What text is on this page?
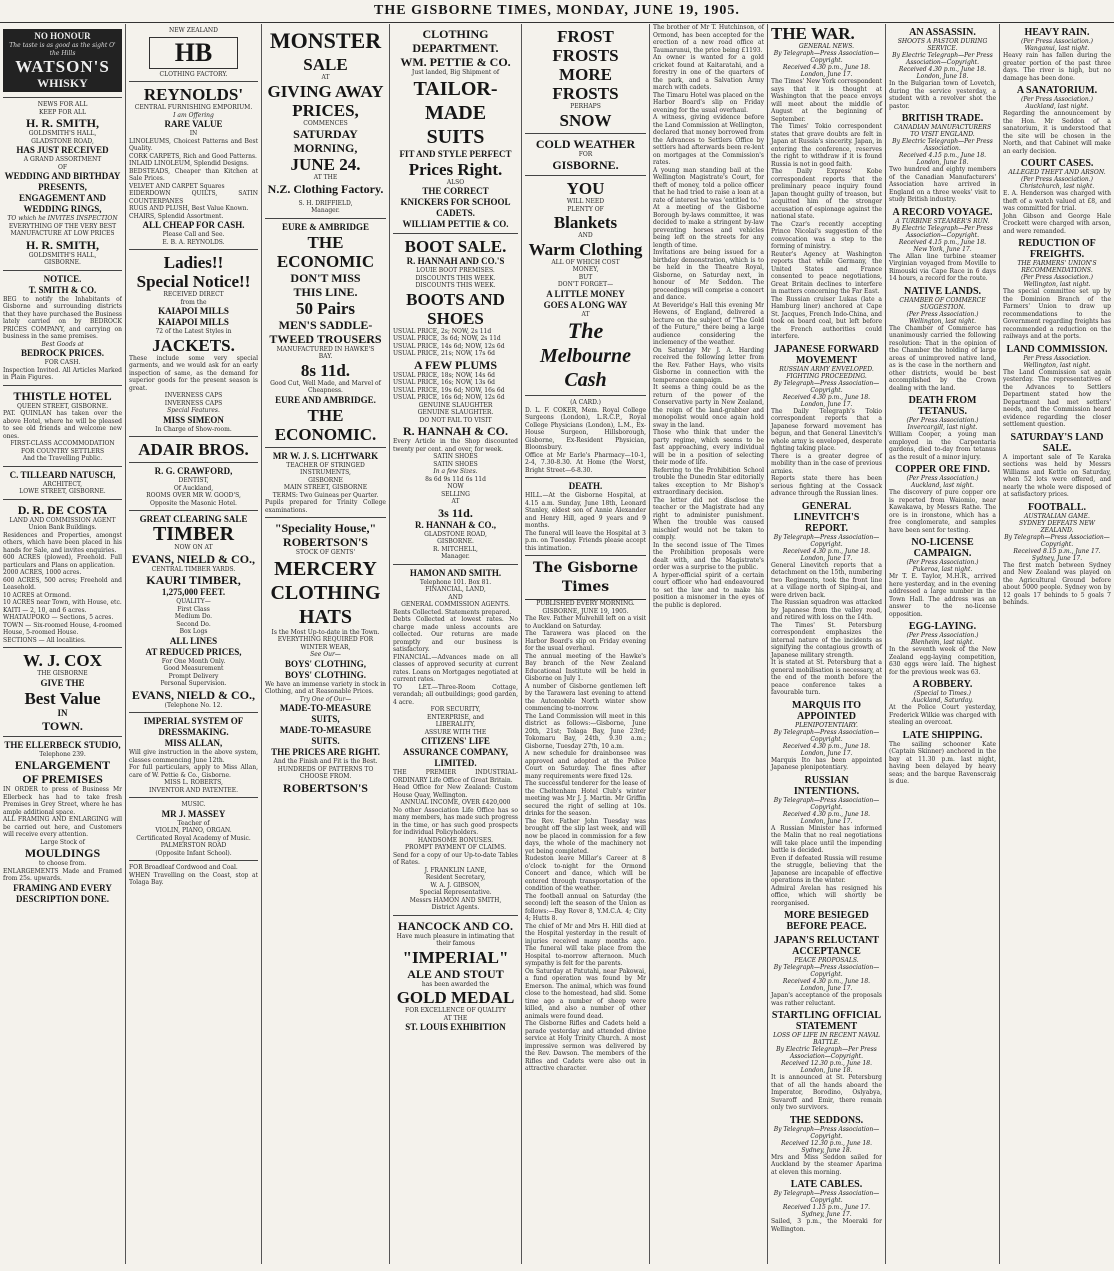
THE GISBORNE TIMES, MONDAY, JUNE 19, 1905.
NO HONOUR
The taste is as good as the sight O' the Hills
WATSON'S
WHISKY
NEWS FOR ALL
KEEP FOR ALL
H. R. SMITH,
GOLDSMITH'S HALL,
GLADSTONE ROAD,
HAS JUST RECEIVED
A GRAND ASSORTMENT
OF
WEDDING AND BIRTHDAY PRESENTS,
ENGAGEMENT AND WEDDING RINGS,
TO which he INVITES INSPECTION
EVERYTHING OF THE VERY BEST MANUFACTURE AT LOW PRICES
H. R. SMITH,
GOLDSMITH'S HALL,
GISBORNE.
NOTICE.
T. SMITH & CO.
BEG to notify the Inhabitants of Gisborne and surrounding districts that they have purchased the Business lately carried on by BEDROCK PRICES COMPANY, and carrying on business in the same premises.
Best Goods at
BEDROCK PRICES.
FOR CASH.
Inspection Invited. All Articles Marked in Plain Figures.
THISTLE HOTEL
QUEEN STREET, GISBORNE.
PAT. QUINLAN has taken over the above Hotel, where he will be pleased to see old friends and welcome new ones.
FIRST-CLASS ACCOMMODATION FOR COUNTRY SETTLERS
And the Travelling Public.
C. TILLEARD NATUSCH,
ARCHITECT,
LOWE STREET, GISBORNE.
D. R. DE COSTA
LAND AND COMMISSION AGENT
Union Bank Buildings.
Residences and Properties, amongst others, which have been placed in his hands for Sale, and invites enquiries.
600 ACRES (plowed), Freehold. Full particulars and Plans on application.
2000 ACRES, 1000 acres.
600 ACRES, 500 acres; Freehold and Leasehold.
10 ACRES at Ormond.
10 ACRES near Town, with House, etc.
KAITI — 2, 10, and 6 acres.
WHATAUPOKO — Sections, 5 acres.
TOWN — Six-roomed House, 4-roomed House, 5-roomed House.
SECTIONS — All localities.
W. J. COX
THE GISBORNE
GIVE THE
Best Value
IN
TOWN.
THE ELLERBECK STUDIO,
Telephone 239.
ENLARGEMENT
OF PREMISES
IN ORDER to press of Business Mr Ellerbeck has had to take fresh Premises in Grey Street, where he has ample additional space.
ALL FRAMING AND ENLARGING will be carried out here, and Customers will receive every attention.
Large Stock of
MOULDINGS
to choose from.
ENLARGEMENTS Made and Framed from 25s. upwards.
FRAMING AND EVERY DESCRIPTION DONE.
NEW ZEALAND
HB
CLOTHING FACTORY.
REYNOLDS'
CENTRAL FURNISHING EMPORIUM.
I am Offering
RARE VALUE
IN
LINOLEUMS, Choicest Patterns and Best Quality.
CORK CARPETS, Rich and Good Patterns.
INLAID LINOLEUM, Splendid Designs.
BEDSTEADS, Cheaper than Kitchen at Sale Prices.
VELVET AND CARPET Squares
EIDERDOWN QUILTS, SATIN COUNTERPANES
RUGS AND PLUSH, Best Value Known.
CHAIRS, Splendid Assortment.
ALL CHEAP FOR CASH.
Please Call and See.
E. B. A. REYNOLDS.
Ladies!!
Special Notice!!
RECEIVED DIRECT
from the
KAIAPOI MILLS
KAIAPOI MILLS
72 of the Latest Styles in
JACKETS.
These include some very special garments, and we would ask for an early inspection of same, as the demand for superior goods for the present season is great.
INVERNESS CAPS
INVERNESS CAPS
Special Features.
MISS SIMEON
In Charge of Show-room.
ADAIR BROS.
R. G. CRAWFORD,
DENTIST,
Of Auckland,
ROOMS OVER MR W. GOOD'S,
Opposite the Masonic Hotel.
GREAT CLEARING SALE
TIMBER
NOW ON AT
EVANS, NIELD & CO.,
CENTRAL TIMBER YARDS.
KAURI TIMBER,
1,275,000 FEET.
QUALITY—
First Class
Medium Do.
Second Do.
Box Logs
ALL LINES
AT REDUCED PRICES,
For One Month Only.
Good Measurement
Prompt Delivery
Personal Supervision.
EVANS, NIELD & CO.,
(Telephone No. 12.
IMPERIAL SYSTEM OF
DRESSMAKING.
MISS ALLAN,
Will give instruction in the above system, classes commencing June 12th.
For full particulars, apply to Miss Allan, care of W. Pettie & Co., Gisborne.
MISS L. ROBERTS,
INVENTOR AND PATENTEE.
MUSIC.
MR J. MASSEY
Teacher of
VIOLIN, PIANO, ORGAN.
Certificated Royal Academy of Music.
PALMERSTON ROAD
(Opposite Infant School).
FOR Broadleaf Cordwood and Coal.
WHEN Travelling on the Coast, stop at Tolaga Bay.
MONSTER
SALE
AT
GIVING AWAY
PRICES,
COMMENCES
SATURDAY MORNING,
JUNE 24.
AT THE
N.Z. Clothing Factory.
S. H. DRIFFIELD,
Manager.
EURE & AMBRIDGE
THE ECONOMIC
DON'T MISS
THIS LINE.
50 Pairs
MEN'S SADDLE-
TWEED TROUSERS
MANUFACTURED IN HAWKE'S
BAY.
8s 11d.
Good Cut, Well Made, and Marvel of Cheapness.
EURE AND AMBRIDGE.
THE ECONOMIC.
MR W. J. S. LICHTWARK
TEACHER OF STRINGED INSTRUMENTS,
GISBORNE
MAIN STREET, GISBORNE
TERMS: Two Guineas per Quarter.
Pupils prepared for Trinity College examinations.
"Speciality House,"
ROBERTSON'S
STOCK OF GENTS'
MERCERY
CLOTHING
HATS
Is the Most Up-to-date in the Town.
EVERYTHING REQUIRED FOR WINTER WEAR,
See Our—
BOYS' CLOTHING,
BOYS' CLOTHING.
We have an immense variety in stock in Clothing, and at Reasonable Prices.
Try One of Our—
MADE-TO-MEASURE SUITS,
MADE-TO-MEASURE SUITS.
THE PRICES ARE RIGHT.
And the Finish and Fit is the Best.
HUNDREDS OF PATTERNS TO CHOOSE FROM.
ROBERTSON'S
CLOTHING
DEPARTMENT.
WM. PETTIE & CO.
Just landed, Big Shipment of
TAILOR-
MADE
SUITS
FIT AND STYLE PERFECT
Prices Right.
ALSO
THE CORRECT
KNICKERS FOR SCHOOL
CADETS.
WILLIAM PETTIE & CO.
BOOT SALE.
R. HANNAH AND CO.'S
LOUIE BOOT PREMISES.
DISCOUNTS THIS WEEK.
DISCOUNTS THIS WEEK.
BOOTS AND
SHOES
USUAL PRICE, 2s; NOW, 2s 11d
USUAL PRICE, 3s 6d; NOW, 2s 11d
USUAL PRICE, 14s 6d; NOW, 12s 6d
USUAL PRICE, 21s; NOW, 17s 6d
A FEW PLUMS
USUAL PRICE, 18s; NOW, 14s 6d
USUAL PRICE, 16s; NOW, 13s 6d
USUAL PRICE, 19s 6d; NOW, 16s 6d
USUAL PRICE, 16s 6d; NOW, 12s 6d
GENUINE SLAUGHTER
GENUINE SLAUGHTER.
DO NOT FAIL TO VISIT
R. HANNAH & CO.
Every Article in the Shop discounted twenty per cent. and over, for week.
SATIN SHOES
SATIN SHOES
In a few Sizes.
8s 6d 9s 11d 6s 11d
NOW
SELLING
AT
3s 11d.
R. HANNAH & CO.,
GLADSTONE ROAD,
GISBORNE.
R. MITCHELL,
Manager.
HAMON AND SMITH.
Telephone 101. Box 81.
FINANCIAL, LAND,
AND
GENERAL COMMISSION AGENTS.
Rents Collected. Statements prepared.
Debts Collected at lowest rates. No charge made unless accounts are collected. Our returns are made promptly and our business is satisfactory.
FINANCIAL.—Advances made on all classes of approved security at current rates. Loans on Mortgages negotiated at current rates.
TO LET.—Three-Room Cottage, verandah; all outbuildings; good garden, 4 acre.
FOR SECURITY,
ENTERPRISE, and
LIBERALITY,
ASSURE WITH THE
CITIZENS' LIFE ASSURANCE COMPANY, LIMITED.
THE PREMIER INDUSTRIAL-ORDINARY Life Office of Great Britain.
Head Office for New Zealand: Custom House Quay, Wellington.
ANNUAL INCOME, OVER £420,000
No other Association Life Office has so many members, has made such progress in the time, or has such good prospects for individual Policyholders.
HANDSOME BONUSES.
PROMPT PAYMENT OF CLAIMS.
Send for a copy of our Up-to-date Tables of Rates.
J. FRANKLIN LANE,
Resident Secretary,
W. A. J. GIBSON,
Special Representative.
Messrs HAMON AND SMITH,
District Agents.
HANCOCK AND CO.
Have much pleasure in intimating that their famous
"IMPERIAL"
ALE AND STOUT
has been awarded the
GOLD MEDAL
FOR EXCELLENCE OF QUALITY
AT THE
ST. LOUIS EXHIBITION
FROST
FROSTS
MORE FROSTS
PERHAPS
SNOW
COLD WEATHER
FOR
GISBORNE.
YOU
WILL NEED
PLENTY OF
Blankets
AND
Warm Clothing
ALL OF WHICH COST
MONEY,
BUT
DON'T FORGET—
A LITTLE MONEY
GOES A LONG WAY
AT
The
Melbourne
Cash
(A CARD.)
D. L. F. COKER, Mem. Royal College Surgeons (London), L.R.C.P., Royal College Physicians (London), L.M., Ex-House Surgeon, Hillsborough, Gisborne, Ex-Resident Physician, Bloomsbury.
Office at Mr Earle's Pharmacy—10-1, 2-4, 7.30-8.30. At Home (the Worst, Bright Street—6-8.30.
DEATH.
HILL.—At the Gisborne Hospital, at 4.15 a.m. Sunday, June 18th, Leonard Stanley, eldest son of Annie Alexander and Henry Hill, aged 9 years and 9 months.
The funeral will leave the Hospital at 3 p.m. on Tuesday. Friends please accept this intimation.
The Gisborne Times
PUBLISHED EVERY MORNING.
GISBORNE, JUNE 19, 1905.
The Rev. Father Mulvehill left on a visit to Auckland on Saturday.
The Tarawera was placed on the Harbor Board's slip on Friday evening for the usual overhaul.
The annual meeting of the Hawke's Bay branch of the New Zealand Educational Institute will be held in Gisborne on July 1.
A number of Gisborne gentlemen left by the Tarawera last evening to attend the Automobile North winter show commencing to-morrow.
The Land Commission will meet in this district as follows:—Gisborne, June 20th, 21st; Tolaga Bay, June 23rd; Tokomaru Bay, 24th, 9.30 a.m.; Gisborne, Tuesday 27th, 10 a.m.
A new schedule for drainbonsee was approved and adopted at the Police Court on Saturday. The fines after many requirements were fixed 12s.
The successful tenderer for the lease of the Cheltenham Hotel Club's winter meeting was Mr J. J. Martin. Mr Griffin secured the right of selling at 10s. drinks for the season.
The Rev. Father John Tuesday was brought off the slip last week, and will now be placed in commission for a few days, the whole of the machinery not yet being completed.
Rudeston leave Millar's Career at 8 o'clock to-night for the Ormond Concert and dance, which will be entered through transportation of the condition of the weather.
The football annual on Saturday (the second) left the season of the Union as follows:—Bay Rover 8, Y.M.C.A. 4; City 4; Hutts 8.
The chief of Mr and Mrs H. Hill died at the Hospital yesterday in the result of injuries received many months ago. The funeral will take place from the Hospital to-morrow afternoon. Much sympathy is felt for the parents.
On Saturday at Patutahi, near Pakowai, a fund operation was found by Mr Emerson. The animal, which was found close to the homestead, had slid. Some time ago a number of sheep were killed, and also a number of other animals were found dead.
The Gisborne Rifles and Cadets held a parade yesterday and attended divine service at Holy Trinity Church. A most impressive sermon was delivered by the Rev. Dawson. The members of the Rifles and Cadets were also out in attractive character.
The brother of Mr T. Hutchinson, of Ormond, has been accepted for the erection of a new road office at Taumarunui, the price being £1193.
An owner is wanted for a gold cricket found at Kaitaratahi, and a forestry in one of the quarters of the park, and a Salvation Army march with cadets.
The Timaru Hotel was placed on the Harbor Board's slip on Friday evening for the usual overhaul.
A witness, giving evidence before the Land Commission at Wellington, declared that money borrowed from the Advances to Settlers Office by settlers had afterwards been re-lent on mortgages at the Commission's rates.
A young man standing bail at the Wellington Magistrate's Court, for theft of money, told a police officer that he had tried to raise a loan at a rate of interest he was 'entitled to.'
At a meeting of the Gisborne Borough by-laws committee, it was decided to make a stringent by-law preventing horses and vehicles being left on the streets for any length of time.
Invitations are being issued for a birthday demonstration, which is to be held in the Theatre Royal, Gisborne, on Saturday next, in honour of Mr Seddon. The proceedings will comprise a concert and dance.
At Beveridge's Hall this evening Mr Hewens, of England, delivered a lecture on the subject of "The Gold of the Future," there being a large audience considering the inclemency of the weather.
On Saturday Mr J. A. Harding received the following letter from the Rev. Father Hays, who visits Gisborne in connection with the temperance campaign.
It seems a thing could be as the return of the power of the Conservative party in New Zealand, the reign of the land-grabber and monopolist would once again hold sway in the land.
Those who think that under the party regime, which seems to be fast approaching, every individual will be in a position of selecting their mode of life.
Referring to the Prohibition School trouble the Dunedin Star editorially takes exception to Mr Bishop's extraordinary decision.
The letter did not disclose the teacher or the Magistrate had any right to administer punishment. When the trouble was caused mischief would not be taken to comply.
In the second issue of The Times the Prohibition proposals were dealt with, and the Magistrate's order was a surprise to the public.
A hyper-official spirit of a certain court officer who had endeavoured to set the law and to make his position a misnomer in the eyes of the public is deplored.
THE WAR.
GENERAL NEWS.
By Telegraph—Press Association—Copyright.
Received 4.30 p.m., June 18.
London, June 17.
The Times' New York correspondent says that it is thought at Washington that the peace envoys will meet about the middle of August at the beginning of September.
The Times' Tokio correspondent states that grave doubts are felt in Japan at Russia's sincerity. Japan, in entering the conference, reserves the right to withdraw if it is found Russia is not in good faith.
The Daily Express' Kobe correspondent reports that the preliminary peace inquiry found Japan thought guilty of treason, but acquitted him of the stronger accusation of espionage against the national state.
The Czar's recently accepting Prince Nicolai's suggestion of the convocation was a step to the forming of ministry.
Reuter's Agency at Washington reports that while Germany, the United States and France consented to peace negotiations, Great Britain declines to interfere in matters concerning the Far East.
The Russian cruiser Lukas (late a Hamburg liner) anchored at Cape St. Jacques, French Indo-China, and took on board coal, but left before the French authorities could interfere.
JAPANESE FORWARD MOVEMENT
RUSSIAN ARMY ENVELOPED.
FIGHTING PROCEEDING.
By Telegraph—Press Association—Copyright.
Received 4.30 p.m., June 18.
London, June 17.
The Daily Telegraph's Tokio correspondent reports that a Japanese forward movement has begun, and that General Linevitch's whole army is enveloped, desperate fighting taking place.
There is a greater degree of mobility than in the case of previous armies.
Reports state there has been serious fighting at the Cossack advance through the Russian lines.
GENERAL LINEVITCH'S REPORT.
By Telegraph—Press Association—Copyright.
Received 4.30 p.m., June 18.
London, June 17.
General Linevitch reports that a detachment on the 15th, numbering two Regiments, took the front line at a village north of Siping-ai, and were driven back.
The Russian squadron was attacked by Japanese from the valley road, and retired with loss on the 14th.
The Times' St. Petersburg correspondent emphasizes the internal nature of the incidents as signifying the contagious growth of Japanese military strength.
It is stated at St. Petersburg that a general mobilisation is necessary, at the end of the month before the peace conference takes a favourable turn.
MARQUIS ITO APPOINTED
PLENIPOTENTIARY.
By Telegraph—Press Association—Copyright.
Received 4.30 p.m., June 18.
London, June 17.
Marquis Ito has been appointed Japanese plenipotentiary.
RUSSIAN INTENTIONS.
By Telegraph—Press Association—Copyright.
Received 4.30 p.m., June 18.
London, June 17.
A Russian Minister has informed the Malin that no real negotiations will take place until the impending battle is decided.
Even if defeated Russia will resume the struggle, believing that the Japanese are incapable of effective operations in the winter.
Admiral Avelan has resigned his office, which will shortly be reorganised.
MORE BESIEGED BEFORE PEACE.
JAPAN'S RELUCTANT ACCEPTANCE
PEACE PROPOSALS.
By Telegraph—Press Association—Copyright.
Received 4.30 p.m., June 18.
London, June 17.
Japan's acceptance of the proposals was rather reluctant.
STARTLING OFFICIAL STATEMENT
LOSS OF LIFE IN RECENT NAVAL BATTLE.
By Electric Telegraph—Per Press Association—Copyright.
Received 12.30 p.m., June 18.
London, June 18.
It is announced at St. Petersburg that of all the hands aboard the Imperator, Borodino, Oslyabya, Suvaroff and Emir, there remain only two survivors.
THE SEDDONS.
By Telegraph—Press Association—Copyright.
Received 12.30 p.m., June 18.
Sydney, June 18.
Mrs and Miss Seddon sailed for Auckland by the steamer Aparima at eleven this morning.
LATE CABLES.
By Telegraph—Press Association—Copyright.
Received 1.15 p.m., June 17.
Sydney, June 17.
Sailed, 3 p.m., the Moeraki for Wellington.
AN ASSASSIN.
SHOOTS A PASTOR DURING SERVICE.
By Electric Telegraph—Per Press Association—Copyright.
Received 4.30 p.m., June 18.
London, June 18.
In the Bulgarian town of Lovetch, during the service yesterday, a student with a revolver shot the pastor.
BRITISH TRADE.
CANADIAN MANUFACTURERS TO VISIT ENGLAND.
By Electric Telegraph—Per Press Association.
Received 4.15 p.m., June 18.
London, June 18.
Two hundred and eighty members of the Canadian Manufacturers' Association have arrived in England on a three weeks' visit to study British industry.
A RECORD VOYAGE.
A TURBINE STEAMER'S RUN.
By Electric Telegraph—Per Press Association—Copyright.
Received 4.15 p.m., June 18.
New York, June 17.
The Allan line turbine steamer Virginian voyaged from Moville to Rimouski via Cape Race in 6 days 14 hours, a record for the route.
NATIVE LANDS.
CHAMBER OF COMMERCE SUGGESTION.
(Per Press Association.)
Wellington, last night.
The Chamber of Commerce has unanimously carried the following resolution: That in the opinion of the Chamber the holding of large areas of unimproved native land, as is the case in the northern and other districts, would be best accomplished by the Crown dealing with the land.
DEATH FROM TETANUS.
(Per Press Association.)
Invercargill, last night.
William Cooper, a young man employed in the Carpentaria gardens, died to-day from tetanus as the result of a minor injury.
COPPER ORE FIND.
(Per Press Association.)
Auckland, last night.
The discovery of pure copper ore is reported from Waiomio, near Kawakawa, by Messrs Rathe. The ore is in ironstone, which has a free conglomerate, and samples have been sent for testing.
NO-LICENSE CAMPAIGN.
(Per Press Association.)
Pukeroa, last night.
Mr T. E. Taylor, M.H.R., arrived here yesterday, and in the evening addressed a large number in the Town Hall. The address was an answer to the no-license opposition.
EGG-LAYING.
(Per Press Association.)
Blenheim, last night.
In the seventh week of the New Zealand egg-laying competition, 630 eggs were laid. The highest for the previous week was 63.
A ROBBERY.
(Special to Times.)
Auckland, Saturday.
At the Police Court yesterday, Frederick Wilkie was charged with stealing an overcoat.
LATE SHIPPING.
The sailing schooner Kate (Captain Skinner) anchored in the bay at 11.30 p.m. last night, having been delayed by heavy seas; and the barque Ravenscraig is due.
HEAVY RAIN.
(Per Press Association.)
Wanganui, last night.
Heavy rain has fallen during the greater portion of the past three days. The river is high, but no damage has been done.
A SANATORIUM.
(Per Press Association.)
Auckland, last night.
Regarding the announcement by the Hon. Mr Seddon of a sanatorium, it is understood that the site will be chosen in the North, and that Cabinet will make an early decision.
COURT CASES.
ALLEGED THEFT AND ARSON.
(Per Press Association.)
Christchurch, last night.
E. A. Henderson was charged with theft of a watch valued at £8, and was committed for trial.
John Gibson and George Hale Crockett were charged with arson, and were remanded.
REDUCTION OF FREIGHTS.
THE FARMERS' UNION'S RECOMMENDATIONS.
(Per Press Association.)
Wellington, last night.
The special committee set up by the Dominion Branch of the Farmers' Union to draw up recommendations to the Government regarding freights has recommended a reduction on the railways and at the ports.
LAND COMMISSION.
Per Press Association.
Wellington, last night.
The Land Commission sat again yesterday. The representatives of the Advances to Settlers Department stated how the Department had met settlers' needs, and the Commission heard evidence regarding the closer settlement question.
SATURDAY'S LAND SALE.
A important sale of Te Karaka sections was held by Messrs Williams and Kettle on Saturday, when 52 lots were offered, and nearly the whole were disposed of at satisfactory prices.
FOOTBALL.
AUSTRALIAN GAME.
SYDNEY DEFEATS NEW ZEALAND.
By Telegraph—Press Association—Copyright.
Received 8.15 p.m., June 17.
Sydney, June 17.
The first match between Sydney and New Zealand was played on the Agricultural Ground before about 5000 people. Sydney won by 12 goals 17 behinds to 5 goals 7 behinds.
